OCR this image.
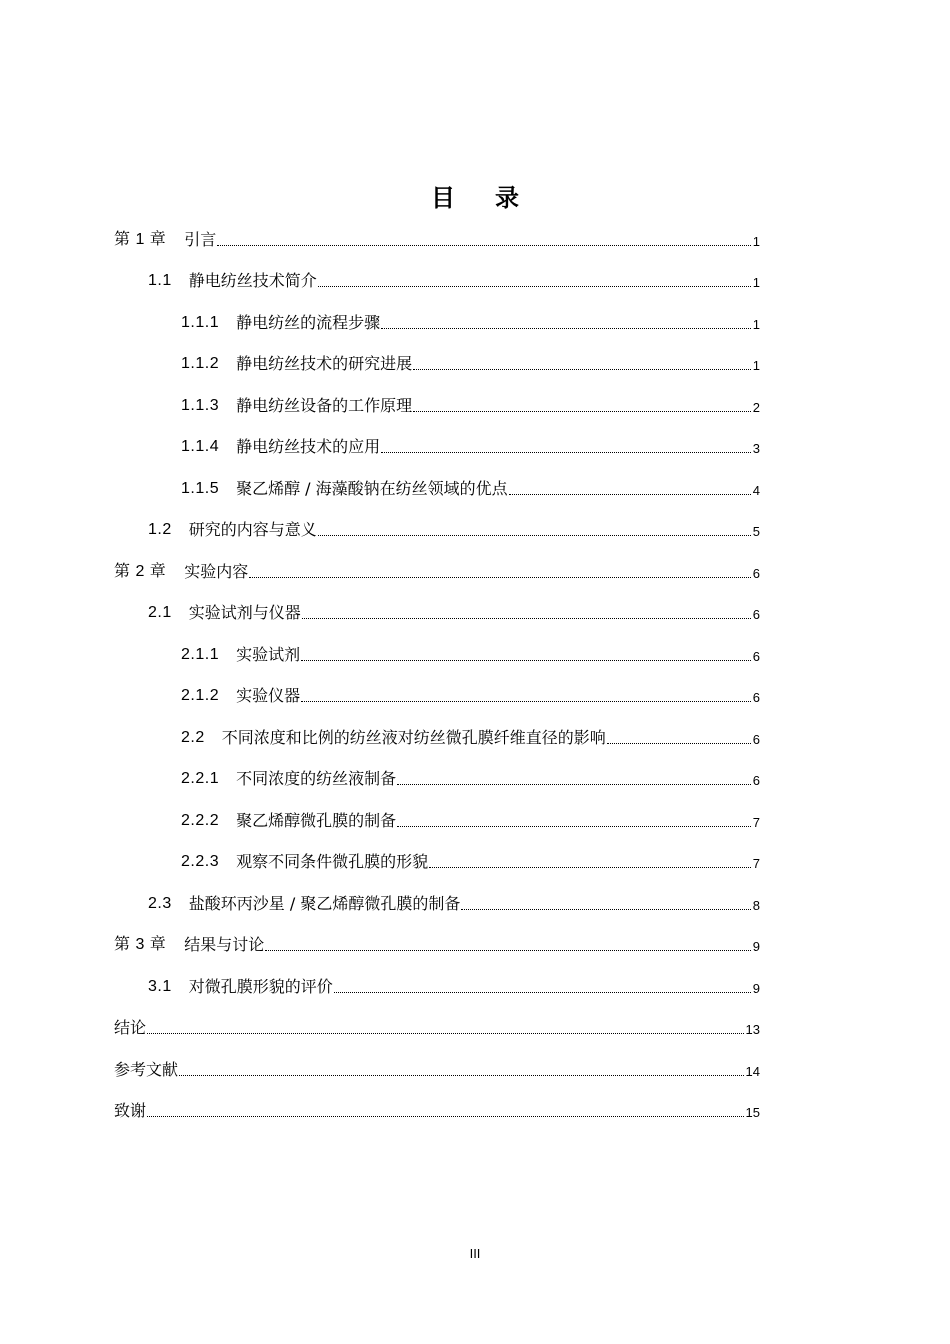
目录
第 1 章 引言	1
1.1 静电纺丝技术简介	1
1.1.1 静电纺丝的流程步骤	1
1.1.2 静电纺丝技术的研究进展	1
1.1.3 静电纺丝设备的工作原理	2
1.1.4 静电纺丝技术的应用	3
1.1.5 聚乙烯醇 / 海藻酸钠在纺丝领域的优点	4
1.2 研究的内容与意义	5
第 2 章 实验内容	6
2.1 实验试剂与仪器	6
2.1.1 实验试剂	6
2.1.2 实验仪器	6
2.2 不同浓度和比例的纺丝液对纺丝微孔膜纤维直径的影响	6
2.2.1 不同浓度的纺丝液制备	6
2.2.2 聚乙烯醇微孔膜的制备	7
2.2.3 观察不同条件微孔膜的形貌	7
2.3 盐酸环丙沙星 / 聚乙烯醇微孔膜的制备	8
第 3 章 结果与讨论	9
3.1 对微孔膜形貌的评价	9
结论	13
参考文献	14
致谢	15
III
